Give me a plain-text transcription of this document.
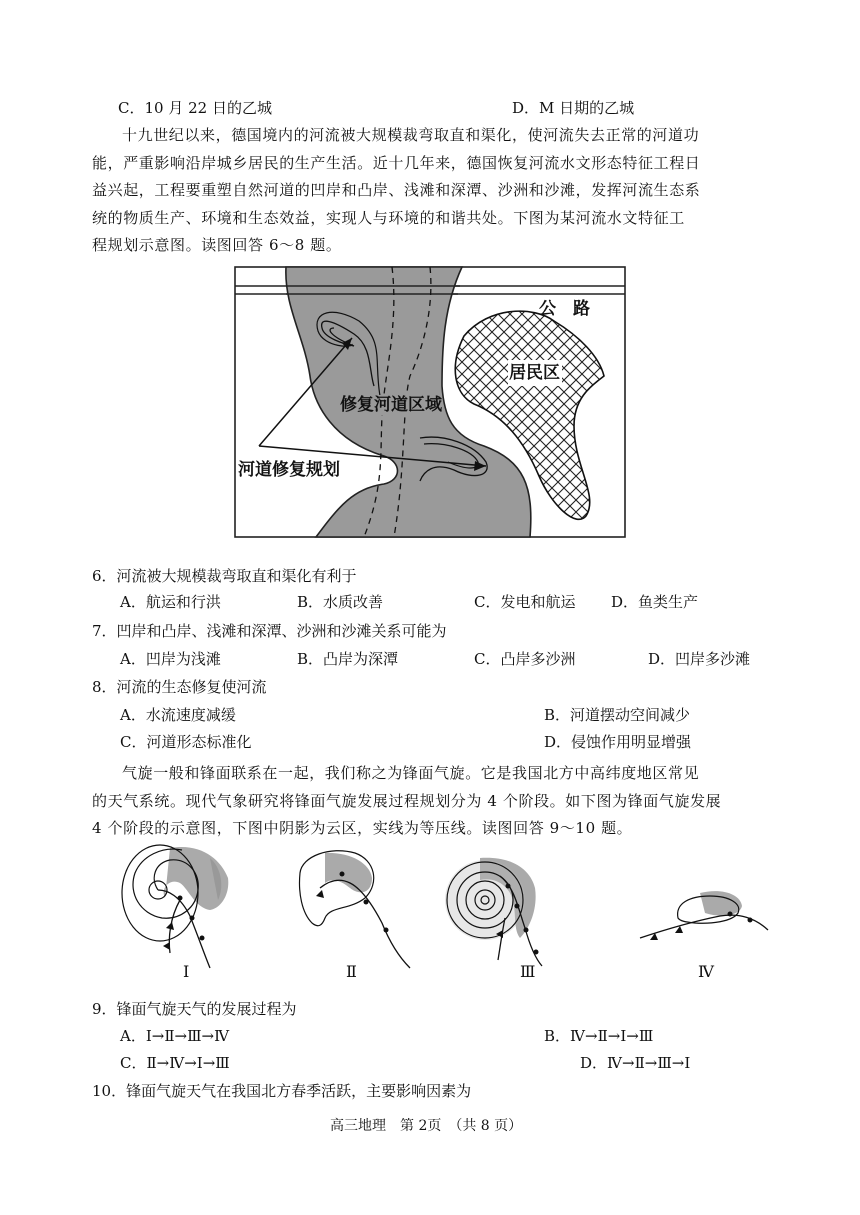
C．10 月 22 日的乙城	D．M 日期的乙城
十九世纪以来，德国境内的河流被大规模裁弯取直和渠化，使河流失去正常的河道功
能，严重影响沿岸城乡居民的生产生活。近十几年来，德国恢复河流水文形态特征工程日
益兴起，工程要重塑自然河道的凹岸和凸岸、浅滩和深潭、沙洲和沙滩，发挥河流生态系
统的物质生产、环境和生态效益，实现人与环境的和谐共处。下图为某河流水文特征工
程规划示意图。读图回答 6～8 题。
公　路
居民区
修复河道区域
河道修复规划
6．河流被大规模裁弯取直和渠化有利于
A．航运和行洪	B．水质改善	C．发电和航运 D．鱼类生产
7．凹岸和凸岸、浅滩和深潭、沙洲和沙滩关系可能为
A．凹岸为浅滩	B．凸岸为深潭	C．凸岸多沙洲	D．凹岸多沙滩
8．河流的生态修复使河流
A．水流速度减缓	B．河道摆动空间减少
C．河道形态标准化	D．侵蚀作用明显增强
气旋一般和锋面联系在一起，我们称之为锋面气旋。它是我国北方中高纬度地区常见
的天气系统。现代气象研究将锋面气旋发展过程规划分为 4 个阶段。如下图为锋面气旋发展
4 个阶段的示意图，下图中阴影为云区，实线为等压线。读图回答 9～10 题。
Ⅰ	Ⅱ	Ⅲ	Ⅳ
9．锋面气旋天气的发展过程为
A．Ⅰ→Ⅱ→Ⅲ→Ⅳ	B．Ⅳ→Ⅱ→Ⅰ→Ⅲ
C．Ⅱ→Ⅳ→Ⅰ→Ⅲ	D．Ⅳ→Ⅱ→Ⅲ→Ⅰ
10．锋面气旋天气在我国北方春季活跃，主要影响因素为
高三地理　第 2页　（共 8 页）
